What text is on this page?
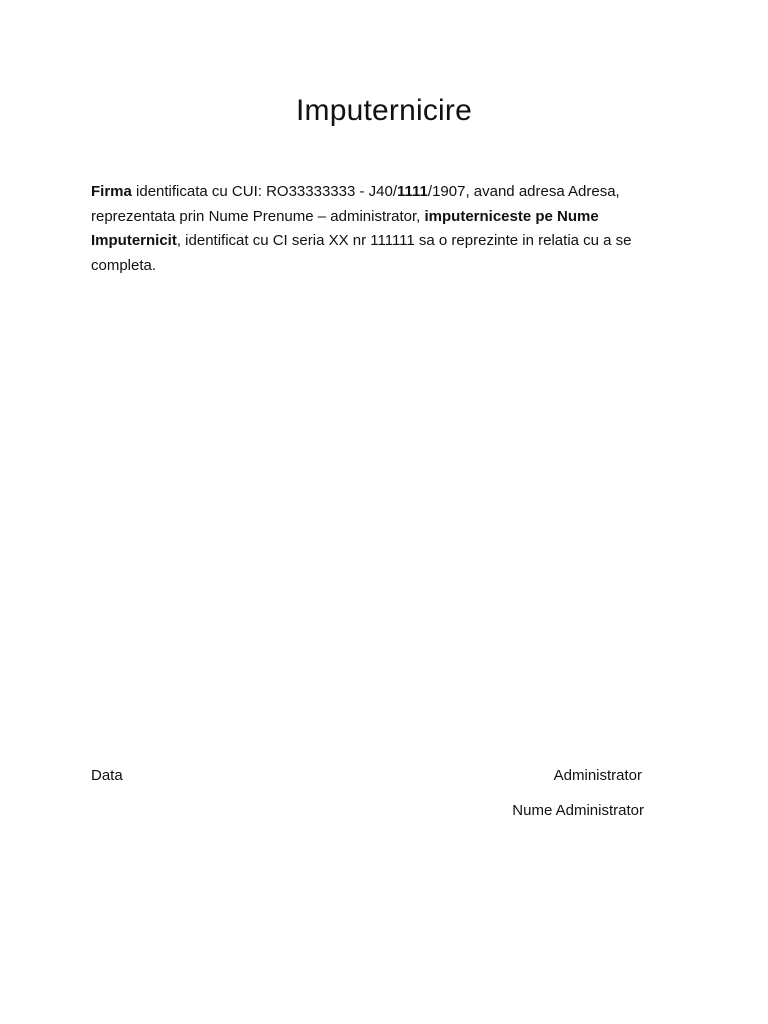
Imputernicire

Firma identificata cu CUI: RO33333333 - J40/1111/1907, avand adresa Adresa, reprezentata prin Nume Prenume – administrator, imputerniceste pe Nume Imputernicit, identificat cu CI seria XX nr 111111 sa o reprezinte in relatia cu a se completa.

Data	Administrator

Nume Administrator
